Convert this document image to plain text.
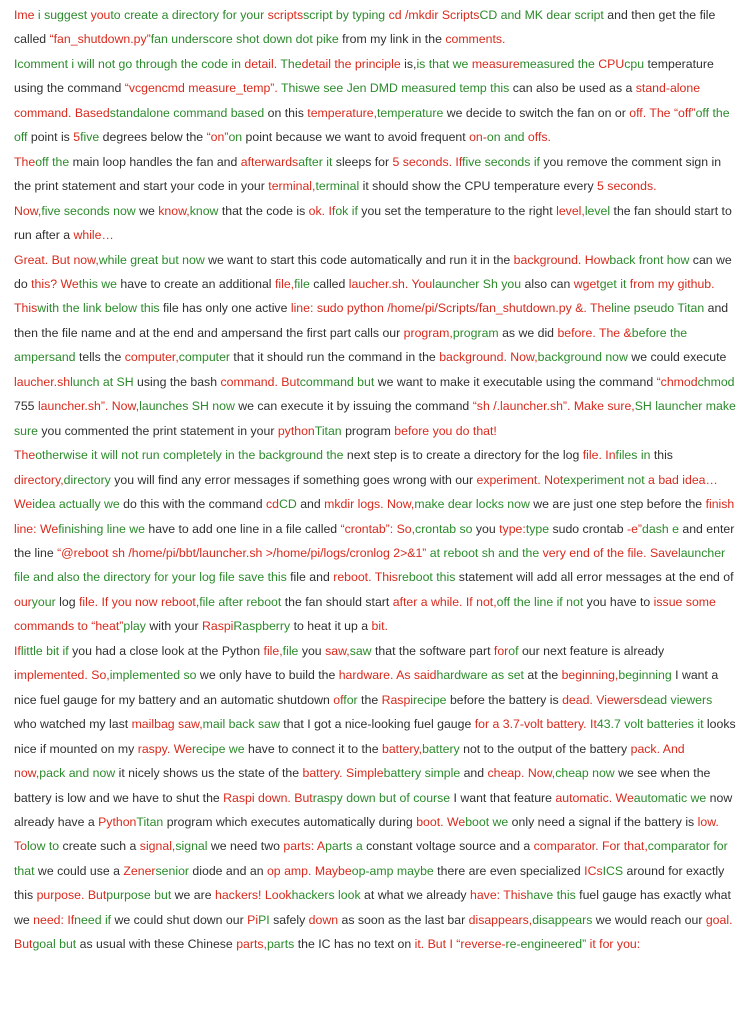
Ime i suggest youto create a directory for your scriptsscript by typing cd /mkdir ScriptsCD and MK dear script and then get the file called “fan_shutdown.py”fan underscore shot down dot pike from my link in the comments.

Icomment i will not go through the code in detail. Thedetail the principle is,is that we measuremeasured the CPUcpu temperature using the command “vcgencmd measure_temp”. Thiswe see Jen DMD measured temp this can also be used as a stand-alone command. Basedstandalone command based on this temperature,temperature we decide to switch the fan on or off. The “off”off the off point is 5five degrees below the “on”on point because we want to avoid frequent on-on and offs.

Theoff the main loop handles the fan and afterwardsafter it sleeps for 5 seconds. Iffive seconds if you remove the comment sign in the print statement and start your code in your terminal,terminal it should show the CPU temperature every 5 seconds.

Now,five seconds now we know,know that the code is ok. Ifok if you set the temperature to the right level,level the fan should start to run after a while…

Great. But now,while great but now we want to start this code automatically and run it in the background. Howback front how can we do this? Wethis we have to create an additional file,file called laucher.sh. Youlauncher Sh you also can wgetget it from my github.

Thiswith the link below this file has only one active line: sudo python /home/pi/Scripts/fan_shutdown.py &. Theline pseudo Titan and then the file name and at the end and ampersand the first part calls our program,program as we did before. The &before the ampersand tells the computer,computer that it should run the command in the background. Now,background now we could execute laucher.shlunch at SH using the bash command. Butcommand but we want to make it executable using the command “chmodchmod 755 launcher.sh”. Now,launches SH now we can execute it by issuing the command “sh /.launcher.sh”. Make sure,SH launcher make sure you commented the print statement in your pythonTitan program before you do that!

Theotherwise it will not run completely in the background the next step is to create a directory for the log file. Infiles in this directory,directory you will find any error messages if something goes wrong with our experiment. Notexperiment not a bad idea… Weidea actually we do this with the command cdCD and mkdir logs. Now,make dear locks now we are just one step before the finish line: Wefinishing line we have to add one line in a file called “crontab”: So,crontab so you type:type sudo crontab -e”dash e and enter the line “@reboot sh /home/pi/bbt/launcher.sh >/home/pi/logs/cronlog 2>&1” at reboot sh and the very end of the file. Savelauncher file and also the directory for your log file save this file and reboot. Thisreboot this statement will add all error messages at the end of ouryour log file. If you now reboot,file after reboot the fan should start after a while. If not,off the line if not you have to issue some commands to “heat”play with your RaspiRaspberry to heat it up a bit.

Iflittle bit if you had a close look at the Python file,file you saw,saw that the software part forof our next feature is already implemented. So,implemented so we only have to build the hardware. As saidhardware as set at the beginning,beginning I want a nice fuel gauge for my battery and an automatic shutdown offor the Raspirecipe before the battery is dead. Viewersdead viewers who watched my last mailbag saw,mail back saw that I got a nice-looking fuel gauge for a 3.7-volt battery. It43.7 volt batteries it looks nice if mounted on my raspy. Werecipe we have to connect it to the battery,battery not to the output of the battery pack. And now,pack and now it nicely shows us the state of the battery. Simplebattery simple and cheap. Now,cheap now we see when the battery is low and we have to shut the Raspi down. Butraspy down but of course I want that feature automatic. Weautomatic we now already have a PythonTitan program which executes automatically during boot. Weboot we only need a signal if the battery is low.

Tolow to create such a signal,signal we need two parts: Aparts a constant voltage source and a comparator. For that,comparator for that we could use a Zenersenior diode and an op amp. Maybeop-amp maybe there are even specialized ICsICS around for exactly this purpose. Butpurpose but we are hackers! Lookhackers look at what we already have: Thishave this fuel gauge has exactly what we need: Ifneed if we could shut down our PiPI safely down as soon as the last bar disappears,disappears we would reach our goal. Butgoal but as usual with these Chinese parts,parts the IC has no text on it. But I “reverse-re-engineered” it for you:
